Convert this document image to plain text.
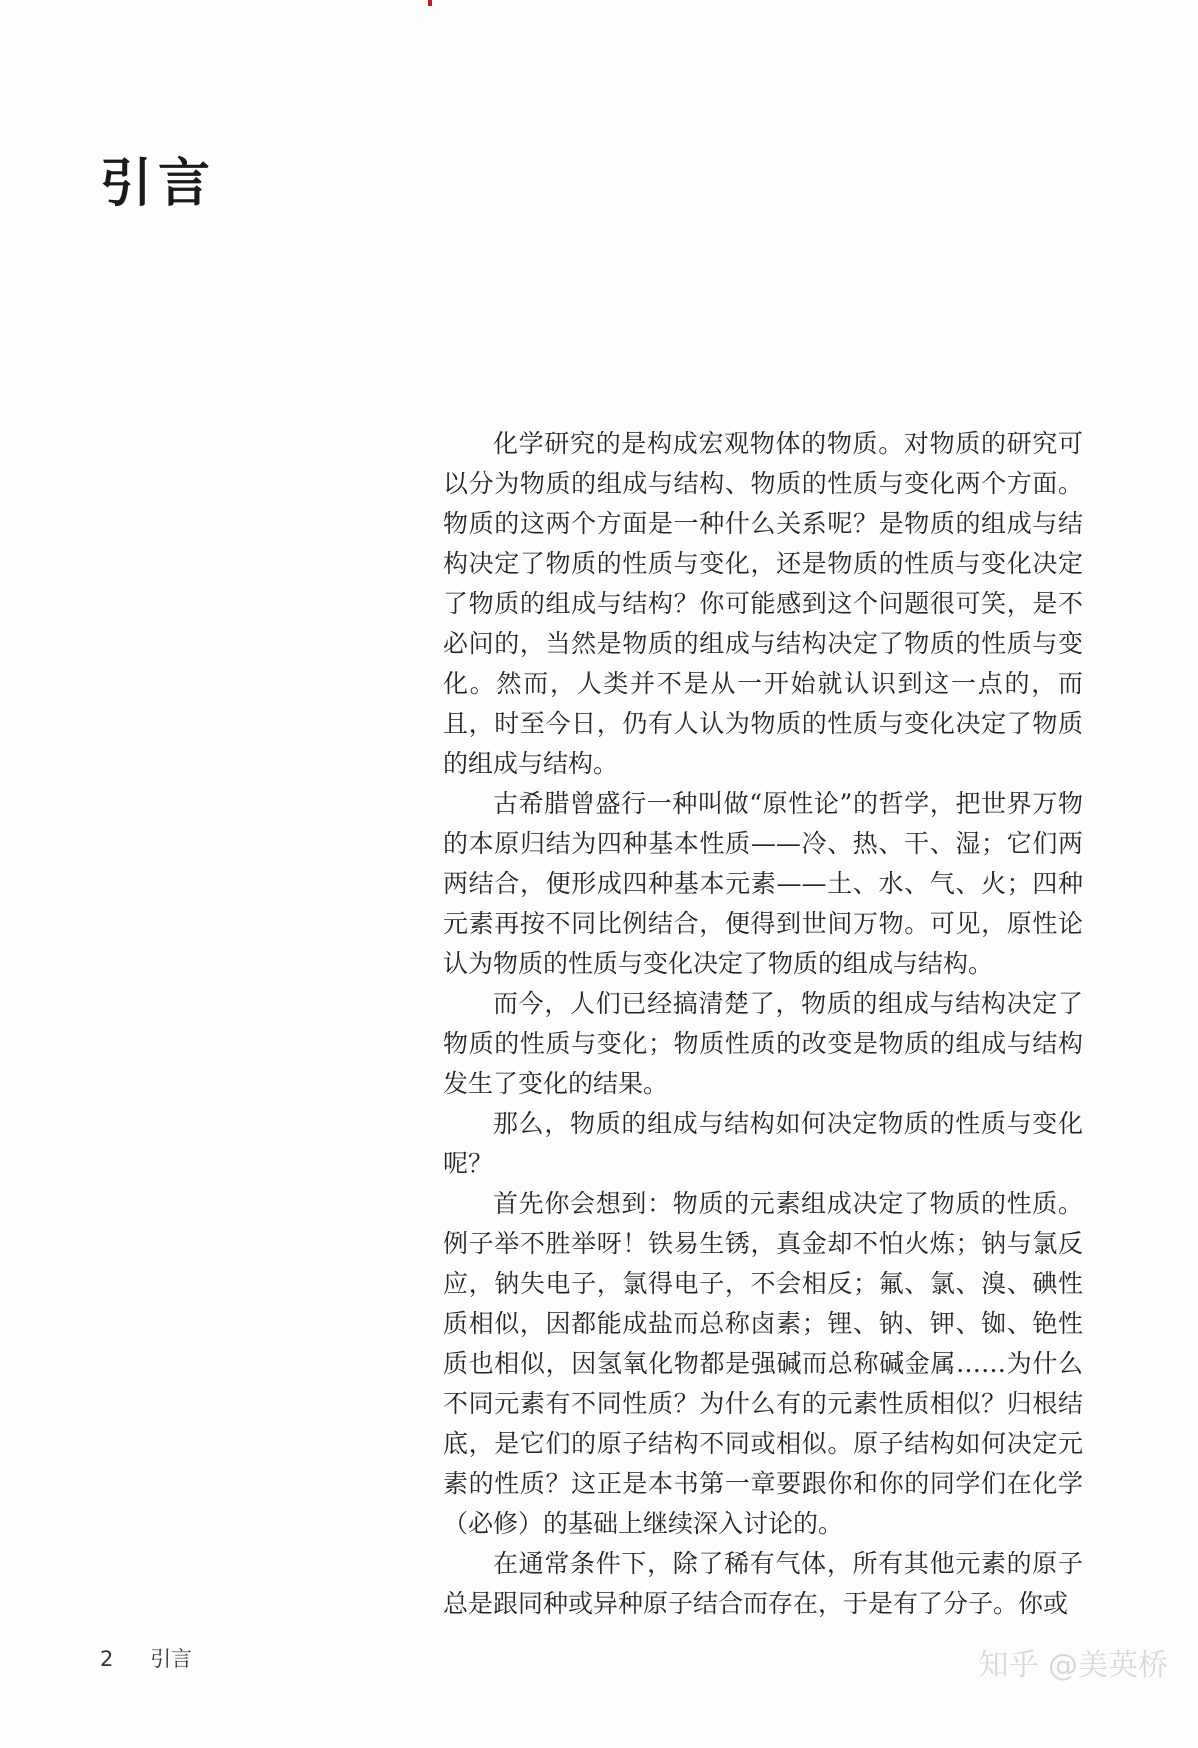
引言

化学研究的是构成宏观物体的物质。对物质的研究可以分为物质的组成与结构、物质的性质与变化两个方面。物质的这两个方面是一种什么关系呢？是物质的组成与结构决定了物质的性质与变化，还是物质的性质与变化决定了物质的组成与结构？你可能感到这个问题很可笑，是不必问的，当然是物质的组成与结构决定了物质的性质与变化。然而，人类并不是从一开始就认识到这一点的，而且，时至今日，仍有人认为物质的性质与变化决定了物质的组成与结构。

古希腊曾盛行一种叫做“原性论”的哲学，把世界万物的本原归结为四种基本性质——冷、热、干、湿；它们两两结合，便形成四种基本元素——土、水、气、火；四种元素再按不同比例结合，便得到世间万物。可见，原性论认为物质的性质与变化决定了物质的组成与结构。

而今，人们已经搞清楚了，物质的组成与结构决定了物质的性质与变化；物质性质的改变是物质的组成与结构发生了变化的结果。

那么，物质的组成与结构如何决定物质的性质与变化呢？

首先你会想到：物质的元素组成决定了物质的性质。例子举不胜举呀！铁易生锈，真金却不怕火炼；钠与氯反应，钠失电子，氯得电子，不会相反；氟、氯、溴、碘性质相似，因都能成盐而总称卤素；锂、钠、钾、铷、铯性质也相似，因氢氧化物都是强碱而总称碱金属……为什么不同元素有不同性质？为什么有的元素性质相似？归根结底，是它们的原子结构不同或相似。原子结构如何决定元素的性质？这正是本书第一章要跟你和你的同学们在化学（必修）的基础上继续深入讨论的。

在通常条件下，除了稀有气体，所有其他元素的原子总是跟同种或异种原子结合而存在，于是有了分子。你或

2 引言	知乎 @美英桥
